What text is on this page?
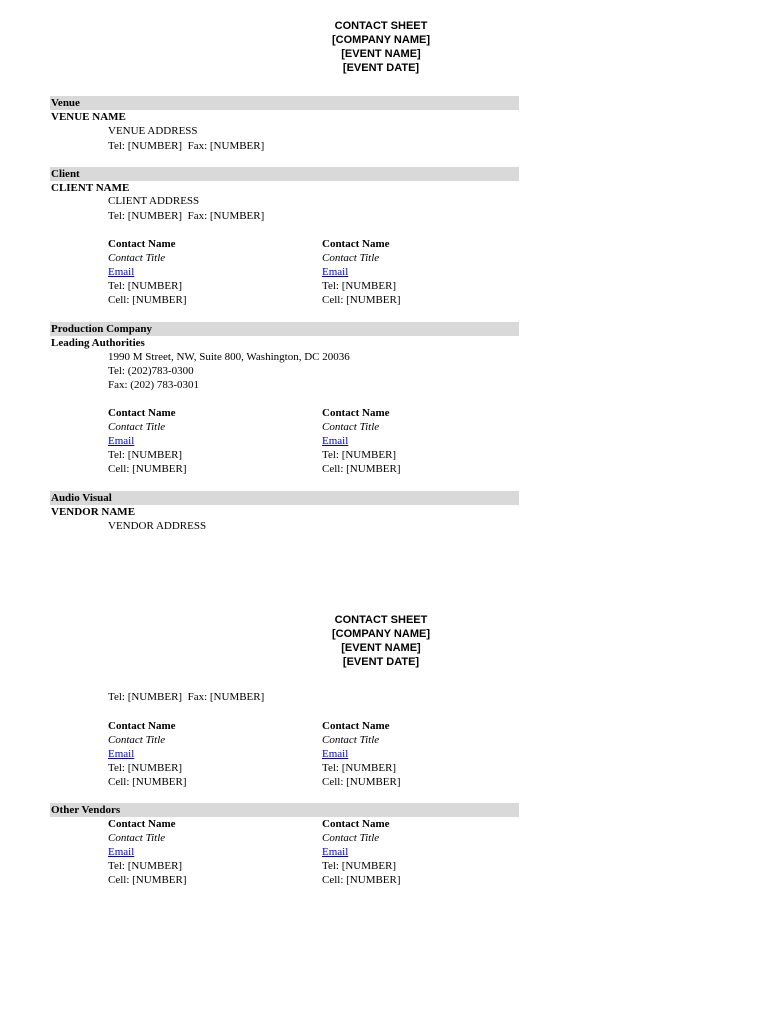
CONTACT SHEET
[COMPANY NAME]
[EVENT NAME]
[EVENT DATE]
Venue
VENUE NAME
VENUE ADDRESS
Tel: [NUMBER]  Fax: [NUMBER]
Client
CLIENT NAME
CLIENT ADDRESS
Tel: [NUMBER]  Fax: [NUMBER]
Contact Name
Contact Title
Email
Tel: [NUMBER]
Cell: [NUMBER]
Contact Name
Contact Title
Email
Tel: [NUMBER]
Cell: [NUMBER]
Production Company
Leading Authorities
1990 M Street, NW, Suite 800, Washington, DC 20036
Tel: (202)783-0300
Fax: (202) 783-0301
Contact Name
Contact Title
Email
Tel: [NUMBER]
Cell: [NUMBER]
Contact Name
Contact Title
Email
Tel: [NUMBER]
Cell: [NUMBER]
Audio Visual
VENDOR NAME
VENDOR ADDRESS
CONTACT SHEET
[COMPANY NAME]
[EVENT NAME]
[EVENT DATE]
Tel: [NUMBER]  Fax: [NUMBER]
Contact Name
Contact Title
Email
Tel: [NUMBER]
Cell: [NUMBER]
Contact Name
Contact Title
Email
Tel: [NUMBER]
Cell: [NUMBER]
Other Vendors
Contact Name
Contact Title
Email
Tel: [NUMBER]
Cell: [NUMBER]
Contact Name
Contact Title
Email
Tel: [NUMBER]
Cell: [NUMBER]
